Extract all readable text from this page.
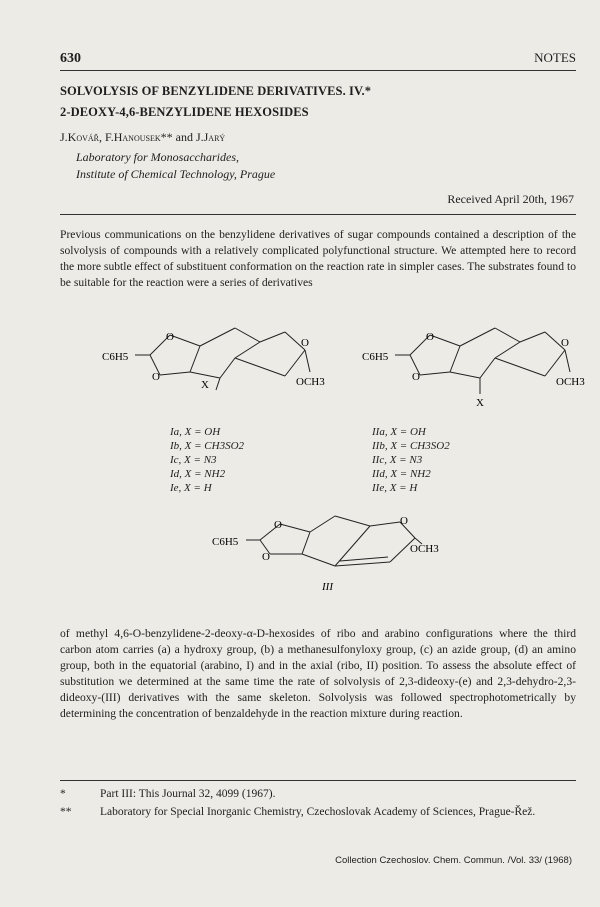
630	NOTES
SOLVOLYSIS OF BENZYLIDENE DERIVATIVES. IV.*
2-DEOXY-4,6-BENZYLIDENE HEXOSIDES
J.Kovář, F.Hanousek** and J.Jarý
Laboratory for Monosaccharides,
Institute of Chemical Technology, Prague
Received April 20th, 1967
Previous communications on the benzylidene derivatives of sugar compounds contained a description of the solvolysis of compounds with a relatively complicated polyfunctional structure. We attempted here to record the more subtle effect of substituent conformation on the reaction rate in simpler cases. The substrates found to be suitable for the reaction were a series of derivatives
C6H5
O
O
O
X	OCH3
C6H5
O
O
O
X
OCH3
Ia, X = OH
Ib, X = CH3SO2
Ic, X = N3
Id, X = NH2
Ie, X = H
IIa, X = OH
IIb, X = CH3SO2
IIc, X = N3
IId, X = NH2
IIe, X = H
C6H5
O
O
O
OCH3
III
of methyl 4,6-O-benzylidene-2-deoxy-α-D-hexosides of ribo and arabino configurations where the third carbon atom carries (a) a hydroxy group, (b) a methanesulfonyloxy group, (c) an azide group, (d) an amino group, both in the equatorial (arabino, I) and in the axial (ribo, II) position. To assess the absolute effect of substitution we determined at the same time the rate of solvolysis of 2,3-dideoxy-(e) and 2,3-dehydro-2,3-dideoxy-(III) derivatives with the same skeleton. Solvolysis was followed spectrophotometrically by determining the concentration of benzaldehyde in the reaction mixture during reaction.
*	Part III: This Journal 32, 4099 (1967).
**	Laboratory for Special Inorganic Chemistry, Czechoslovak Academy of Sciences, Prague-Řež.
Collection Czechoslov. Chem. Commun. /Vol. 33/ (1968)
